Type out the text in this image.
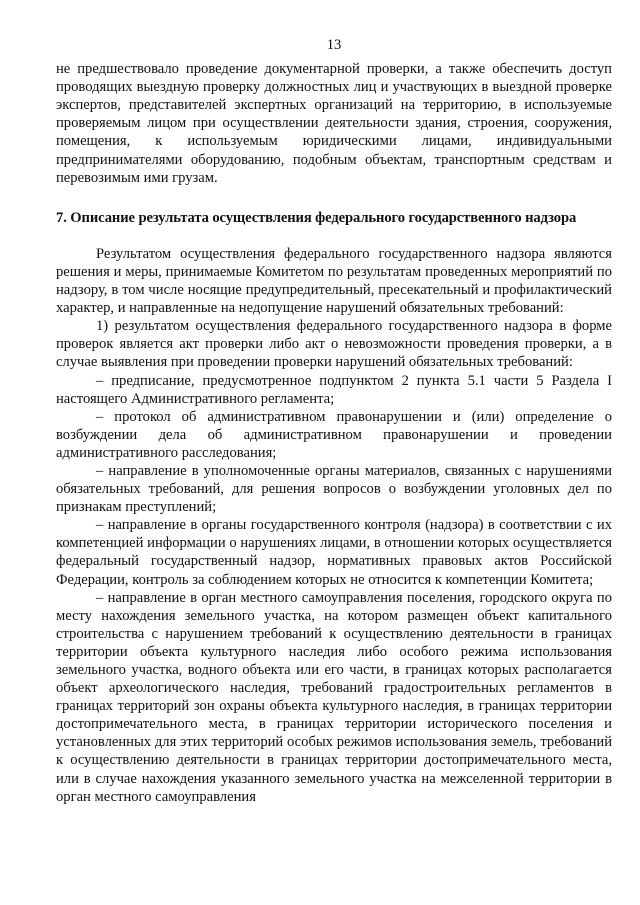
13

не предшествовало проведение документарной проверки, а также обеспечить доступ проводящих выездную проверку должностных лиц и участвующих в выездной проверке экспертов, представителей экспертных организаций на территорию, в используемые проверяемым лицом при осуществлении деятельности здания, строения, сооружения, помещения, к используемым юридическими лицами, индивидуальными предпринимателями оборудованию, подобным объектам, транспортным средствам и перевозимым ими грузам.

7. Описание результата осуществления федерального государственного надзора

Результатом осуществления федерального государственного надзора являются решения и меры, принимаемые Комитетом по результатам проведенных мероприятий по надзору, в том числе носящие предупредительный, пресекательный и профилактический характер, и направленные на недопущение нарушений обязательных требований:

1) результатом осуществления федерального государственного надзора в форме проверок является акт проверки либо акт о невозможности проведения проверки, а в случае выявления при проведении проверки нарушений обязательных требований:

– предписание, предусмотренное подпунктом 2 пункта 5.1 части 5 Раздела I настоящего Административного регламента;

– протокол об административном правонарушении и (или) определение о возбуждении дела об административном правонарушении и проведении административного расследования;

– направление в уполномоченные органы материалов, связанных с нарушениями обязательных требований, для решения вопросов о возбуждении уголовных дел по признакам преступлений;

– направление в органы государственного контроля (надзора) в соответствии с их компетенцией информации о нарушениях лицами, в отношении которых осуществляется федеральный государственный надзор, нормативных правовых актов Российской Федерации, контроль за соблюдением которых не относится к компетенции Комитета;

– направление в орган местного самоуправления поселения, городского округа по месту нахождения земельного участка, на котором размещен объект капитального строительства с нарушением требований к осуществлению деятельности в границах территории объекта культурного наследия либо особого режима использования земельного участка, водного объекта или его части, в границах которых располагается объект археологического наследия, требований градостроительных регламентов в границах территорий зон охраны объекта культурного наследия, в границах территории достопримечательного места, в границах территории исторического поселения и установленных для этих территорий особых режимов использования земель, требований к осуществлению деятельности в границах территории достопримечательного места, или в случае нахождения указанного земельного участка на межселенной территории в орган местного самоуправления
